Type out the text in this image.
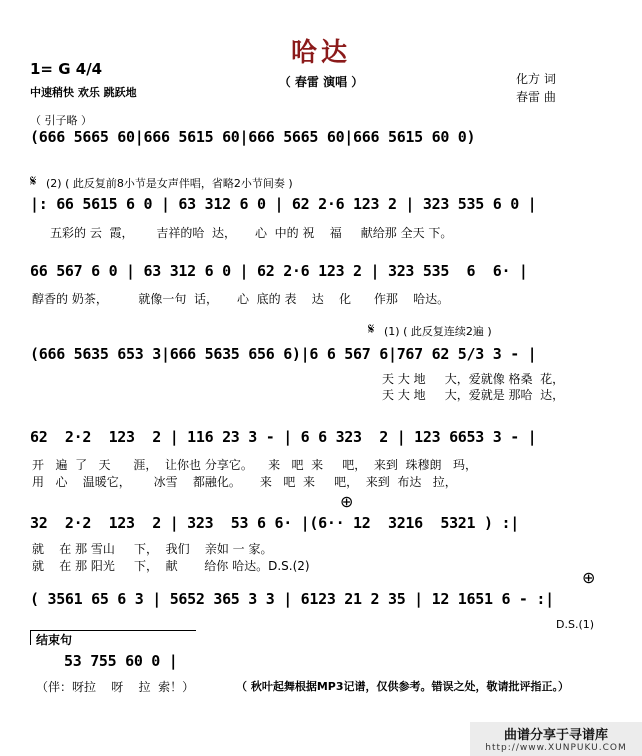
哈达
（ 春雷 演唱 ）
1= G 4/4
中速稍快 欢乐 跳跃地
化方 词
春雷 曲
（ 引子略 ）
(666 5665 60|666 5615 60|666 5665 60|666 5615 60 0)
𝄋 (2) ( 此反复前8小节是女声伴唱，省略2小节间奏 )
|: 66 5615 6 0 | 63 312 6 0 | 62 2·6 123 2 | 323 535 6 0 |
五彩的 云  霞，      吉祥的哈  达，     心  中的 祝    福     献给那 全天 下。
66 567 6 0 | 63 312 6 0 | 62 2·6 123 2 | 323 535  6  6· |
醇香的 奶茶，        就像一句  话，     心  底的 表    达    化      作那    哈达。
𝄋 (1) ( 此反复连续2遍 )
(666 5635 653 3|666 5635 656 6)|6 6 567 6|767 62 5/3 3 - |
天 大 地     大，爱就像 格桑  花，
天 大 地     大，爱就是 那哈  达，
62  2·2  123  2 | 116 23 3 - | 6 6 323  2 | 123 6653 3 - |
开   遍  了   天      涯，  让你也 分享它。    来   吧  来     吧，  来到  珠穆朗   玛，
用   心    温暖它，      冰雪    都融化。     来   吧  来     吧，  来到  布达   拉，
⊕
32  2·2  123  2 | 323  53 6 6· |(6·· 12  3216  5321 ) :|
就    在 那 雪山     下，  我们    亲如 一 家。
就    在 那 阳光     下，  献       给你 哈达。D.S.(2)
⊕
( 3561 65 6 3 | 5652 365 3 3 | 6123 21 2 35 | 12 1651 6 - :|
D.S.(1)
结束句
53 755 60 0 |
（伴：呀拉    呀    拉  索！）	（ 秋叶起舞根据MP3记谱，仅供参考。错误之处，敬请批评指正。）
曲谱分享于寻谱库
http://www.XUNPUKU.COM
